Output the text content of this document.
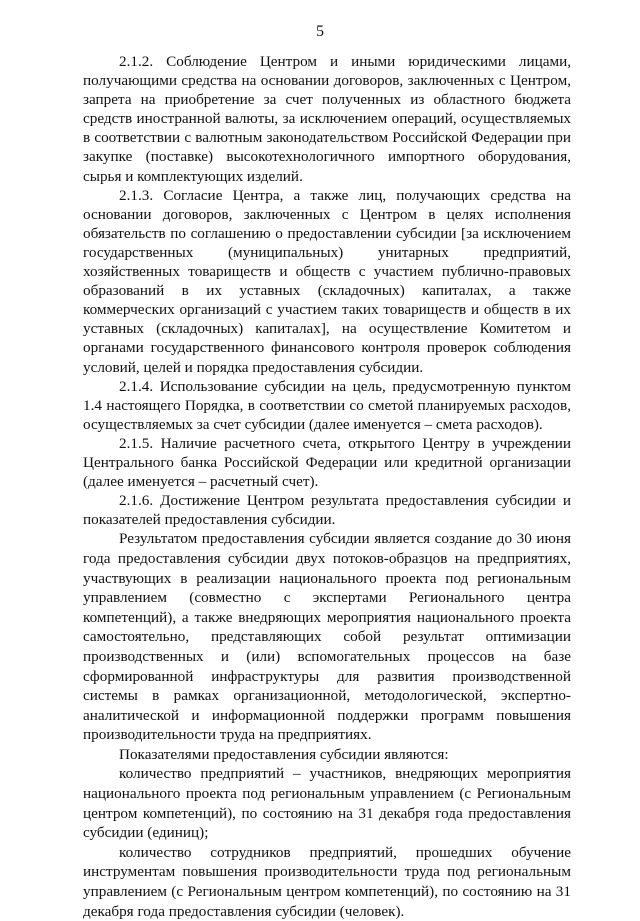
5

2.1.2. Соблюдение Центром и иными юридическими лицами, получающими средства на основании договоров, заключенных с Центром, запрета на приобретение за счет полученных из областного бюджета средств иностранной валюты, за исключением операций, осуществляемых в соответствии с валютным законодательством Российской Федерации при закупке (поставке) высокотехнологичного импортного оборудования, сырья и комплектующих изделий.

2.1.3. Согласие Центра, а также лиц, получающих средства на основании договоров, заключенных с Центром в целях исполнения обязательств по соглашению о предоставлении субсидии [за исключением государственных (муниципальных) унитарных предприятий, хозяйственных товариществ и обществ с участием публично-правовых образований в их уставных (складочных) капиталах, а также коммерческих организаций с участием таких товариществ и обществ в их уставных (складочных) капиталах], на осуществление Комитетом и органами государственного финансового контроля проверок соблюдения условий, целей и порядка предоставления субсидии.

2.1.4. Использование субсидии на цель, предусмотренную пунктом 1.4 настоящего Порядка, в соответствии со сметой планируемых расходов, осуществляемых за счет субсидии (далее именуется – смета расходов).

2.1.5. Наличие расчетного счета, открытого Центру в учреждении Центрального банка Российской Федерации или кредитной организации (далее именуется – расчетный счет).

2.1.6. Достижение Центром результата предоставления субсидии и показателей предоставления субсидии.

Результатом предоставления субсидии является создание до 30 июня года предоставления субсидии двух потоков-образцов на предприятиях, участвующих в реализации национального проекта под региональным управлением (совместно с экспертами Регионального центра компетенций), а также внедряющих мероприятия национального проекта самостоятельно, представляющих собой результат оптимизации производственных и (или) вспомогательных процессов на базе сформированной инфраструктуры для развития производственной системы в рамках организационной, методологической, экспертно-аналитической и информационной поддержки программ повышения производительности труда на предприятиях.

Показателями предоставления субсидии являются:

количество предприятий – участников, внедряющих мероприятия национального проекта под региональным управлением (с Региональным центром компетенций), по состоянию на 31 декабря года предоставления субсидии (единиц);

количество сотрудников предприятий, прошедших обучение инструментам повышения производительности труда под региональным управлением (с Региональным центром компетенций), по состоянию на 31 декабря года предоставления субсидии (человек).
